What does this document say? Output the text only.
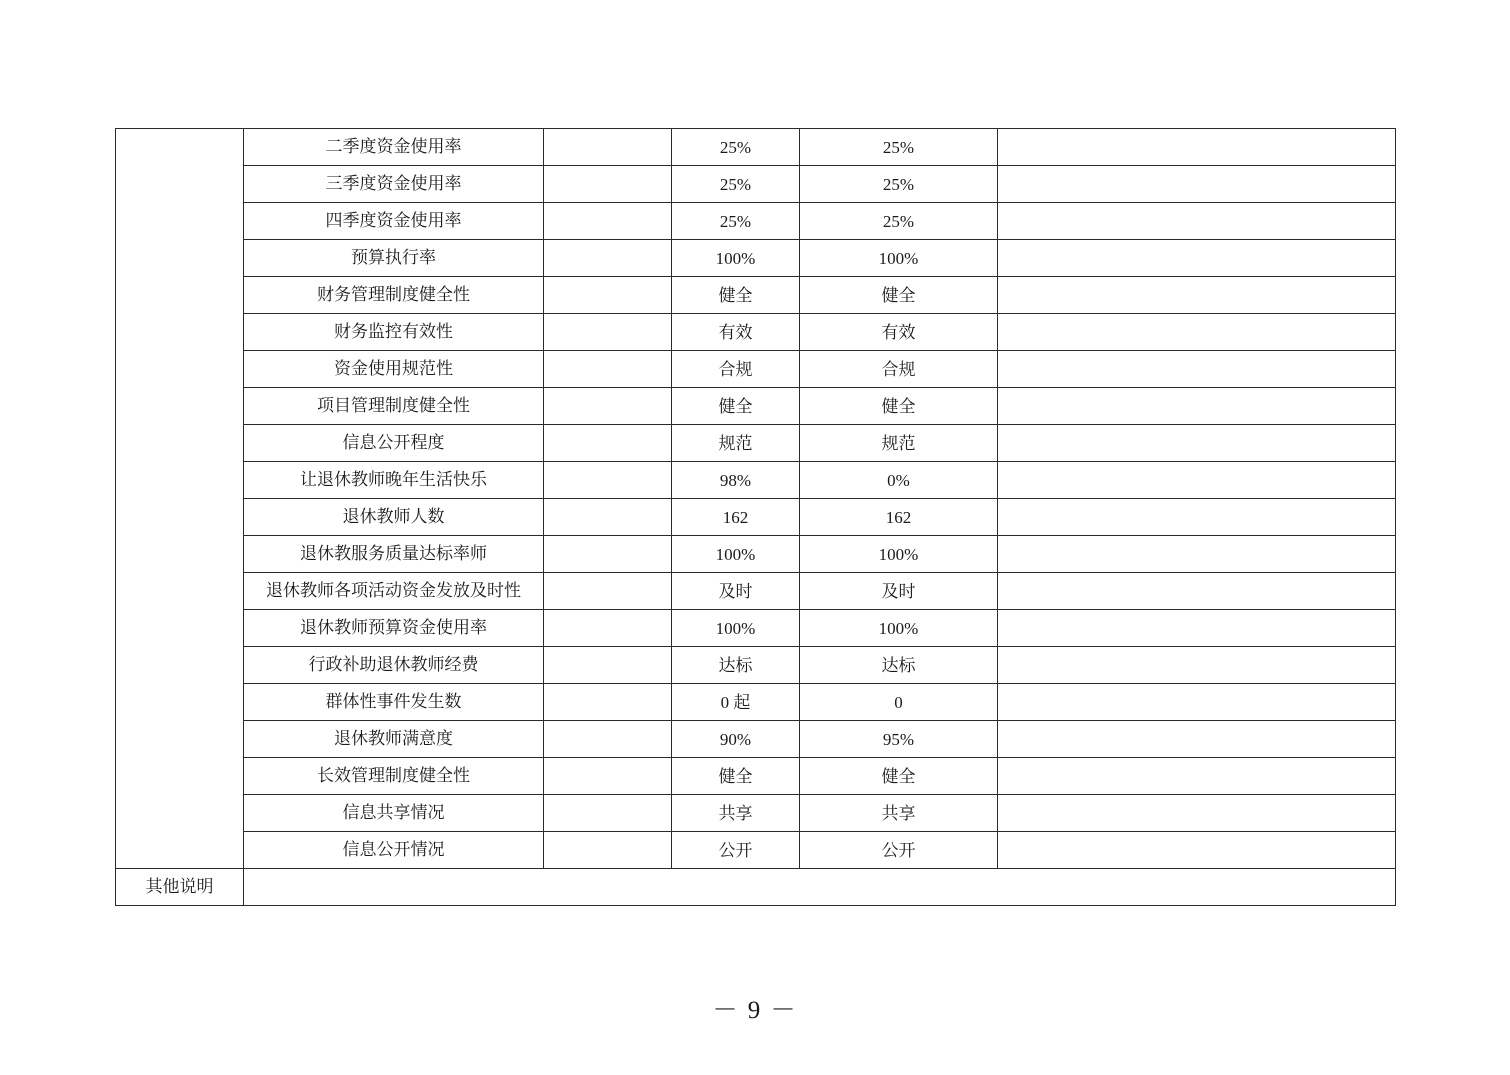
	二季度资金使用率		25%	25%	
	三季度资金使用率		25%	25%	
	四季度资金使用率		25%	25%	
	预算执行率		100%	100%	
	财务管理制度健全性		健全	健全	
	财务监控有效性		有效	有效	
	资金使用规范性		合规	合规	
	项目管理制度健全性		健全	健全	
	信息公开程度		规范	规范	
	让退休教师晚年生活快乐		98%	0%	
	退休教师人数		162	162	
	退休教服务质量达标率师		100%	100%	
	退休教师各项活动资金发放及时性		及时	及时	
	退休教师预算资金使用率		100%	100%	
	行政补助退休教师经费		达标	达标	
	群体性事件发生数		0 起	0	
	退休教师满意度		90%	95%	
	长效管理制度健全性		健全	健全	
	信息共享情况		共享	共享	
	信息公开情况		公开	公开	
其他说明					
－ 9 －
